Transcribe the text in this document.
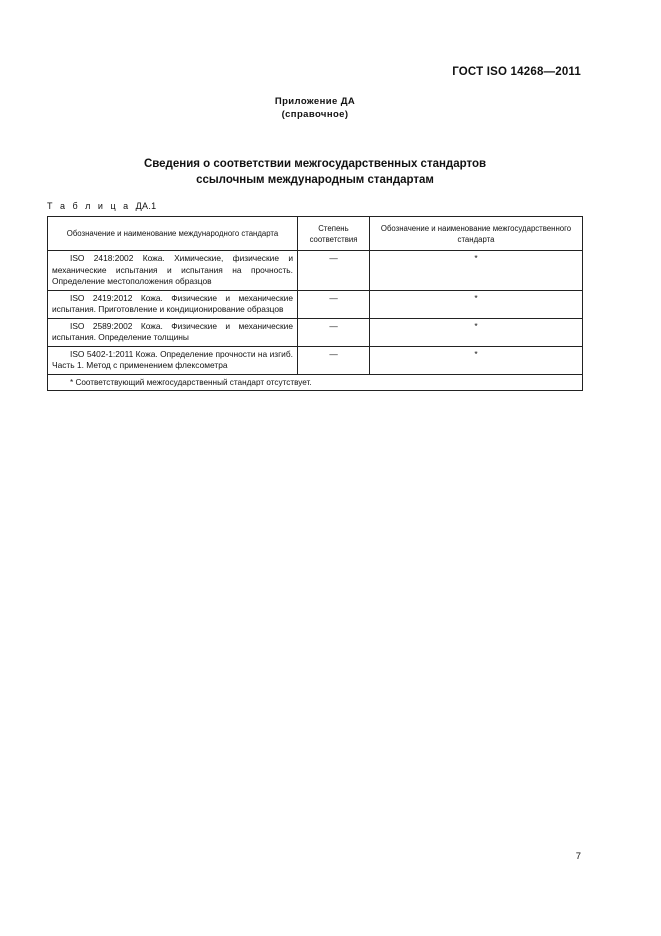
ГОСТ ISO 14268—2011
Приложение ДА
(справочное)
Сведения о соответствии межгосударственных стандартов
ссылочным международным стандартам
Т а б л и ц а ДА.1
Обозначение и наименование международного стандарта	Степень соответствия	Обозначение и наименование межгосударственного стандарта
ISO 2418:2002 Кожа. Химические, физические и механические испытания и испытания на прочность. Определение местоположения образцов	—	*
ISO 2419:2012 Кожа. Физические и механические испытания. Приготовление и кондиционирование образцов	—	*
ISO 2589:2002 Кожа. Физические и механические испытания. Определение толщины	—	*
ISO 5402-1:2011 Кожа. Определение прочности на изгиб. Часть 1. Метод с применением флексометра	—	*
* Соответствующий межгосударственный стандарт отсутствует.		
7
